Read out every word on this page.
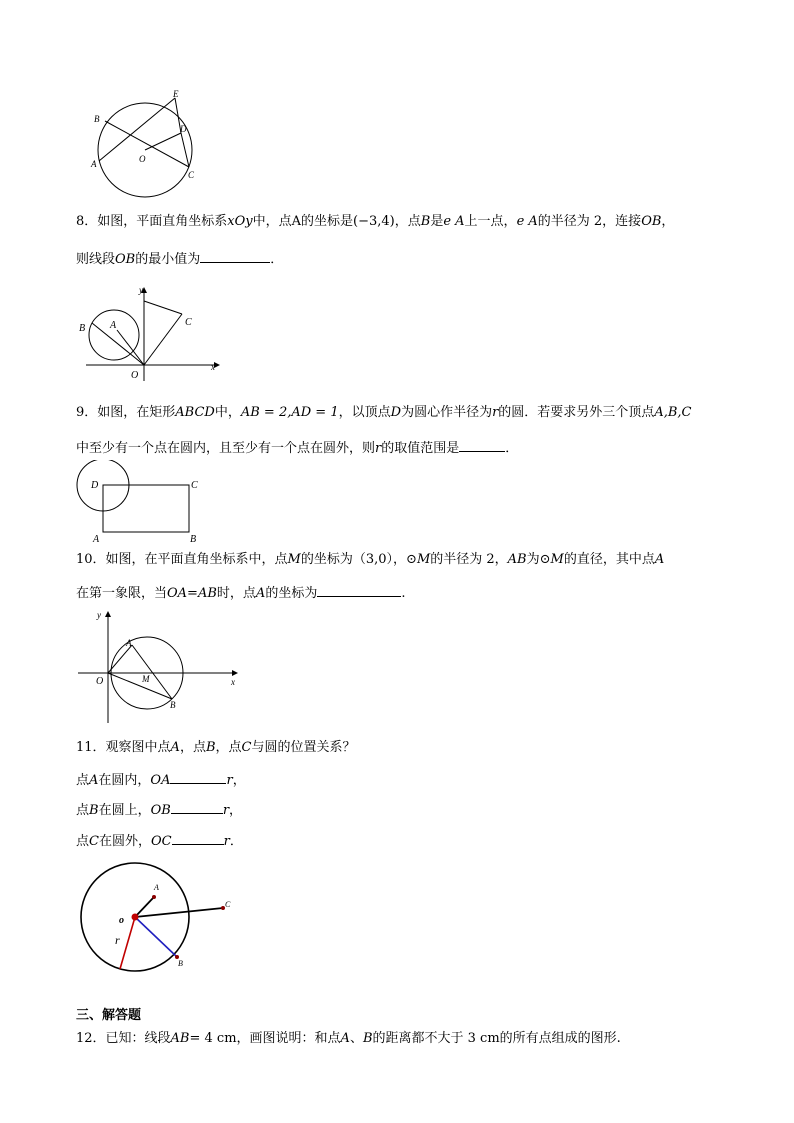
B
A	O
E
D
C
8．如图，平面直角坐标系xOy中，点A的坐标是(−3,4)，点B是e A上一点，e A的半径为 2，连接OB，
则线段OB的最小值为	．
y
B A	C
O
x
9．如图，在矩形ABCD中，AB = 2,AD = 1，以顶点D为圆心作半径为r的圆．若要求另外三个顶点A,B,C
中至少有一个点在圆内，且至少有一个点在圆外，则r的取值范围是	．
D	C
A	B
10．如图，在平面直角坐标系中，点M的坐标为（3,0），⊙M的半径为 2，AB为⊙M的直径，其中点A
在第一象限，当OA=AB时，点A的坐标为	.
y
A
O	M	x
B
11．观察图中点A，点B，点C与圆的位置关系？
点A在圆内，OA	r，
点B在圆上，OB	r，
点C在圆外，OC	r．
A
C
o
r
B
三、解答题
12．已知：线段AB= 4 cm，画图说明：和点A、B的距离都不大于 3 cm的所有点组成的图形.
